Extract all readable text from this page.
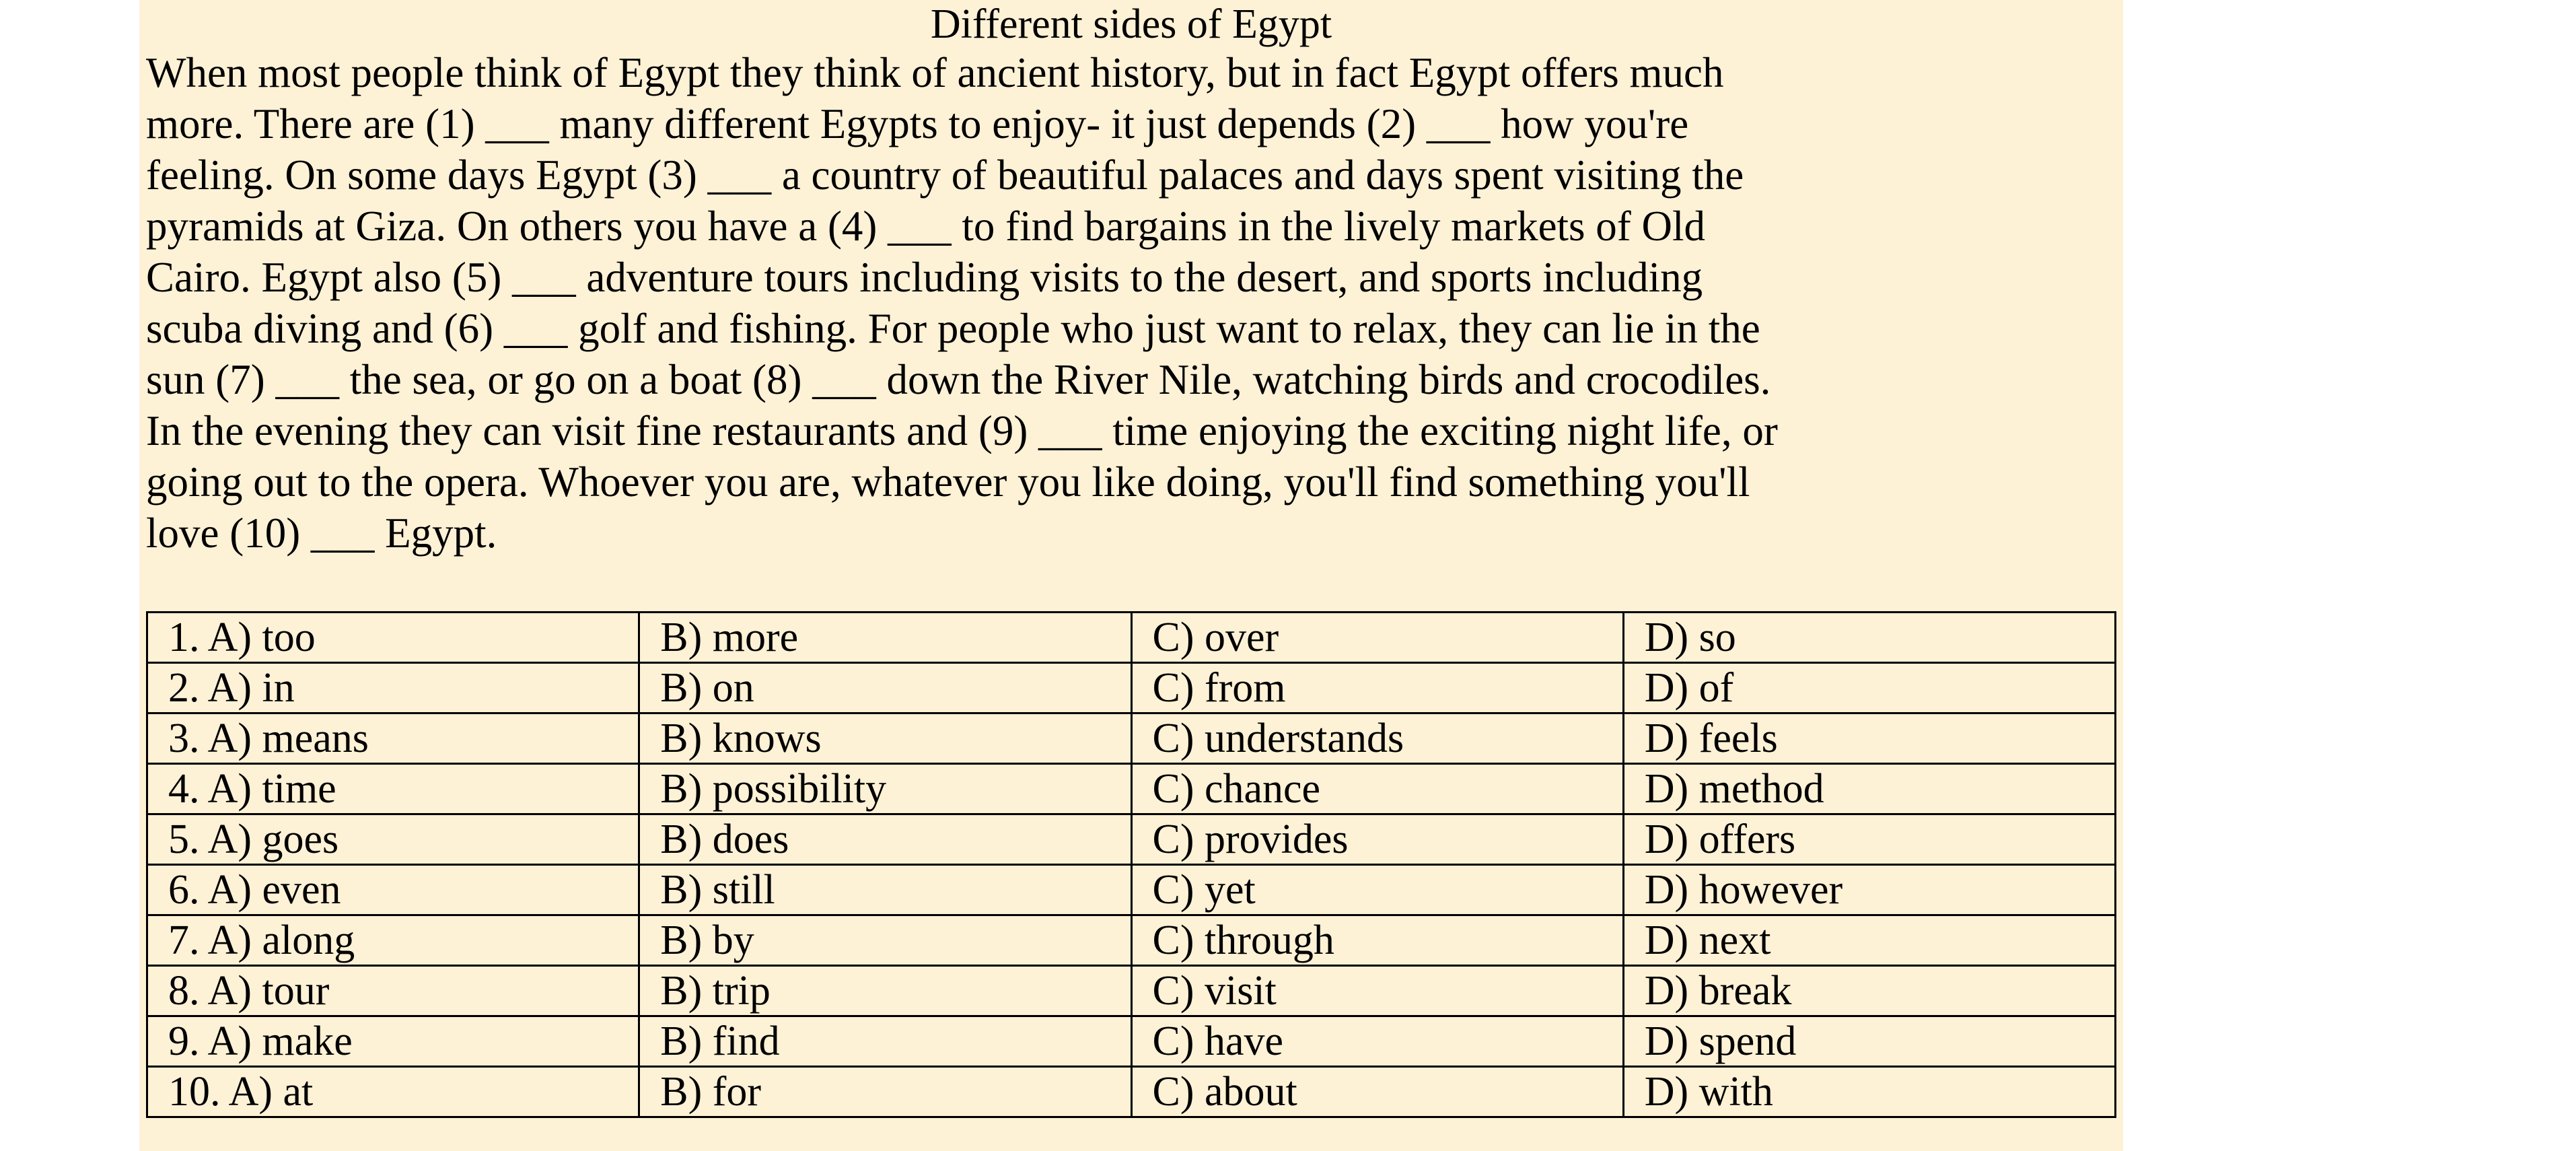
Different sides of Egypt
When most people think of Egypt they think of ancient history, but in fact Egypt offers much
more. There are (1) ___ many different Egypts to enjoy- it just depends (2) ___ how you're
feeling. On some days Egypt (3) ___ a country of beautiful palaces and days spent visiting the
pyramids at Giza. On others you have a (4) ___ to find bargains in the lively markets of Old
Cairo. Egypt also (5) ___ adventure tours including visits to the desert, and sports including
scuba diving and (6) ___ golf and fishing. For people who just want to relax, they can lie in the
sun (7) ___ the sea, or go on a boat (8) ___ down the River Nile, watching birds and crocodiles.
In the evening they can visit fine restaurants and (9) ___ time enjoying the exciting night life, or
going out to the opera. Whoever you are, whatever you like doing, you'll find something you'll
love (10) ___ Egypt.
1. A) too	B) more	C) over	D) so
2. A) in	B) on	C) from	D) of
3. A) means	B) knows	C) understands	D) feels
4. A) time	B) possibility	C) chance	D) method
5. A) goes	B) does	C) provides	D) offers
6. A) even	B) still	C) yet	D) however
7. A) along	B) by	C) through	D) next
8. A) tour	B) trip	C) visit	D) break
9. A) make	B) find	C) have	D) spend
10. A) at	B) for	C) about	D) with
